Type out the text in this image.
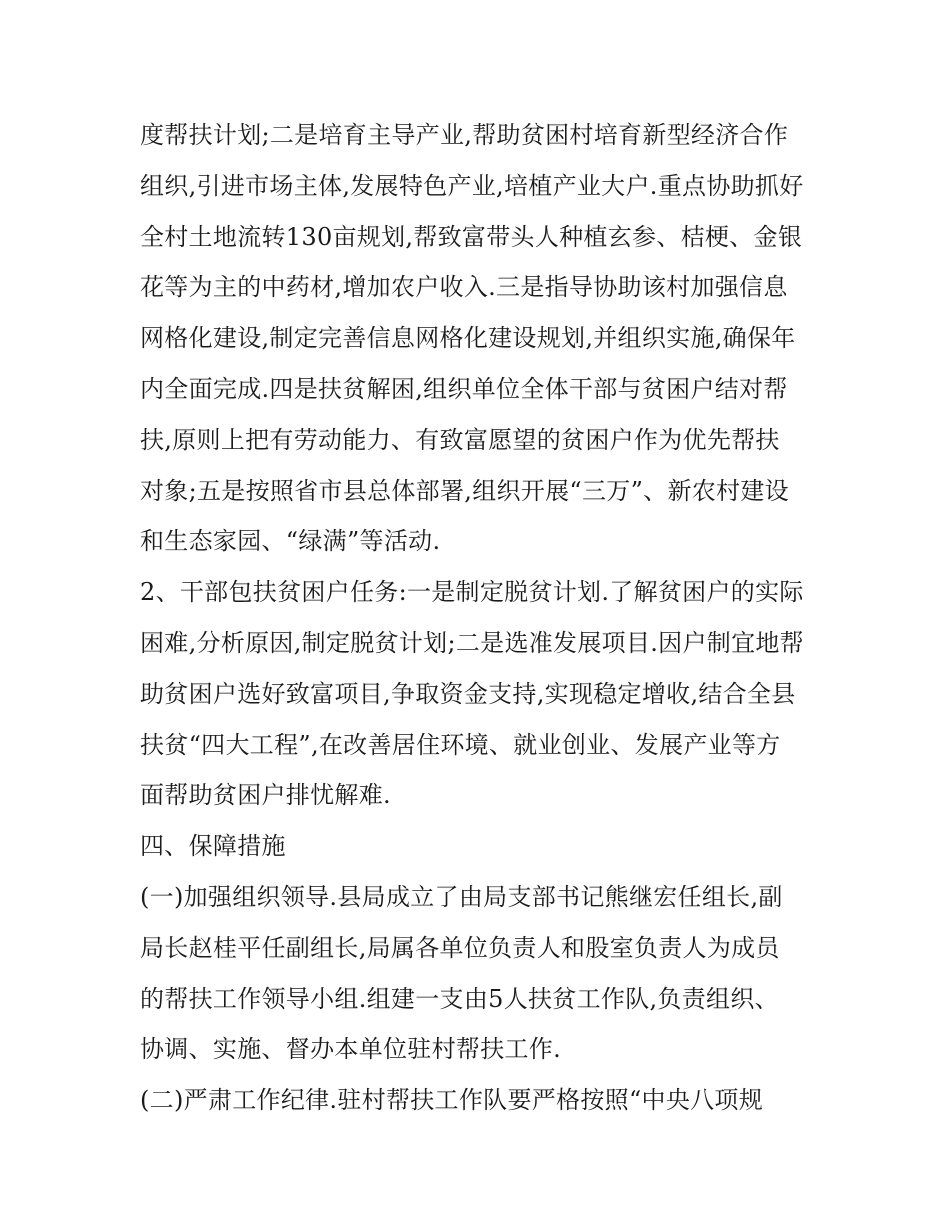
度帮扶计划;二是培育主导产业,帮助贫困村培育新型经济合作
组织,引进市场主体,发展特色产业,培植产业大户.重点协助抓好
全村土地流转130亩规划,帮致富带头人种植玄参、桔梗、金银
花等为主的中药材,增加农户收入.三是指导协助该村加强信息
网格化建设,制定完善信息网格化建设规划,并组织实施,确保年
内全面完成.四是扶贫解困,组织单位全体干部与贫困户结对帮
扶,原则上把有劳动能力、有致富愿望的贫困户作为优先帮扶
对象;五是按照省市县总体部署,组织开展“三万”、新农村建设
和生态家园、“绿满”等活动.
2、干部包扶贫困户任务:一是制定脱贫计划.了解贫困户的实际
困难,分析原因,制定脱贫计划;二是选准发展项目.因户制宜地帮
助贫困户选好致富项目,争取资金支持,实现稳定增收,结合全县
扶贫“四大工程”,在改善居住环境、就业创业、发展产业等方
面帮助贫困户排忧解难.
四、保障措施
(一)加强组织领导.县局成立了由局支部书记熊继宏任组长,副
局长赵桂平任副组长,局属各单位负责人和股室负责人为成员
的帮扶工作领导小组.组建一支由5人扶贫工作队,负责组织、
协调、实施、督办本单位驻村帮扶工作.
(二)严肃工作纪律.驻村帮扶工作队要严格按照“中央八项规
